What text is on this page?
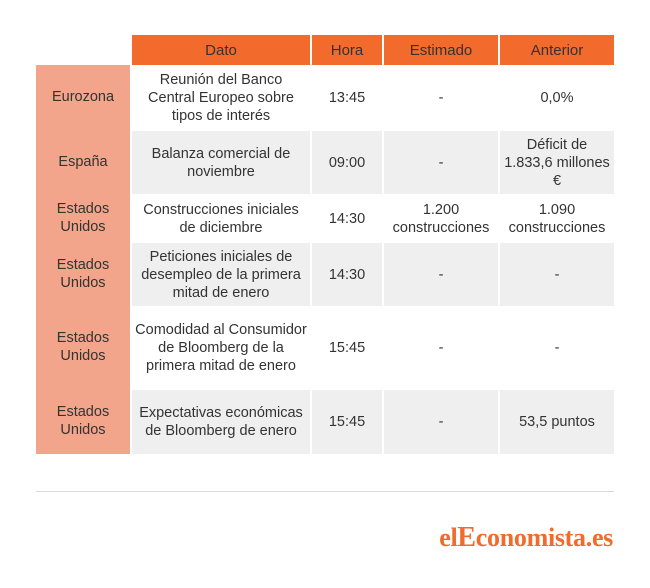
	Dato	Hora	Estimado	Anterior
Eurozona	Reunión del Banco Central Europeo sobre tipos de interés	13:45	-	0,0%
España	Balanza comercial de noviembre	09:00	-	Déficit de 1.833,6 millones €
Estados Unidos	Construcciones iniciales de diciembre	14:30	1.200 construcciones	1.090 construcciones
Estados Unidos	Peticiones iniciales de desempleo de la primera mitad de enero	14:30	-	-
Estados Unidos	Comodidad al Consumidor de Bloomberg de la primera mitad de enero	15:45	-	-
Estados Unidos	Expectativas económicas de Bloomberg de enero	15:45	-	53,5 puntos
elEconomista.es
